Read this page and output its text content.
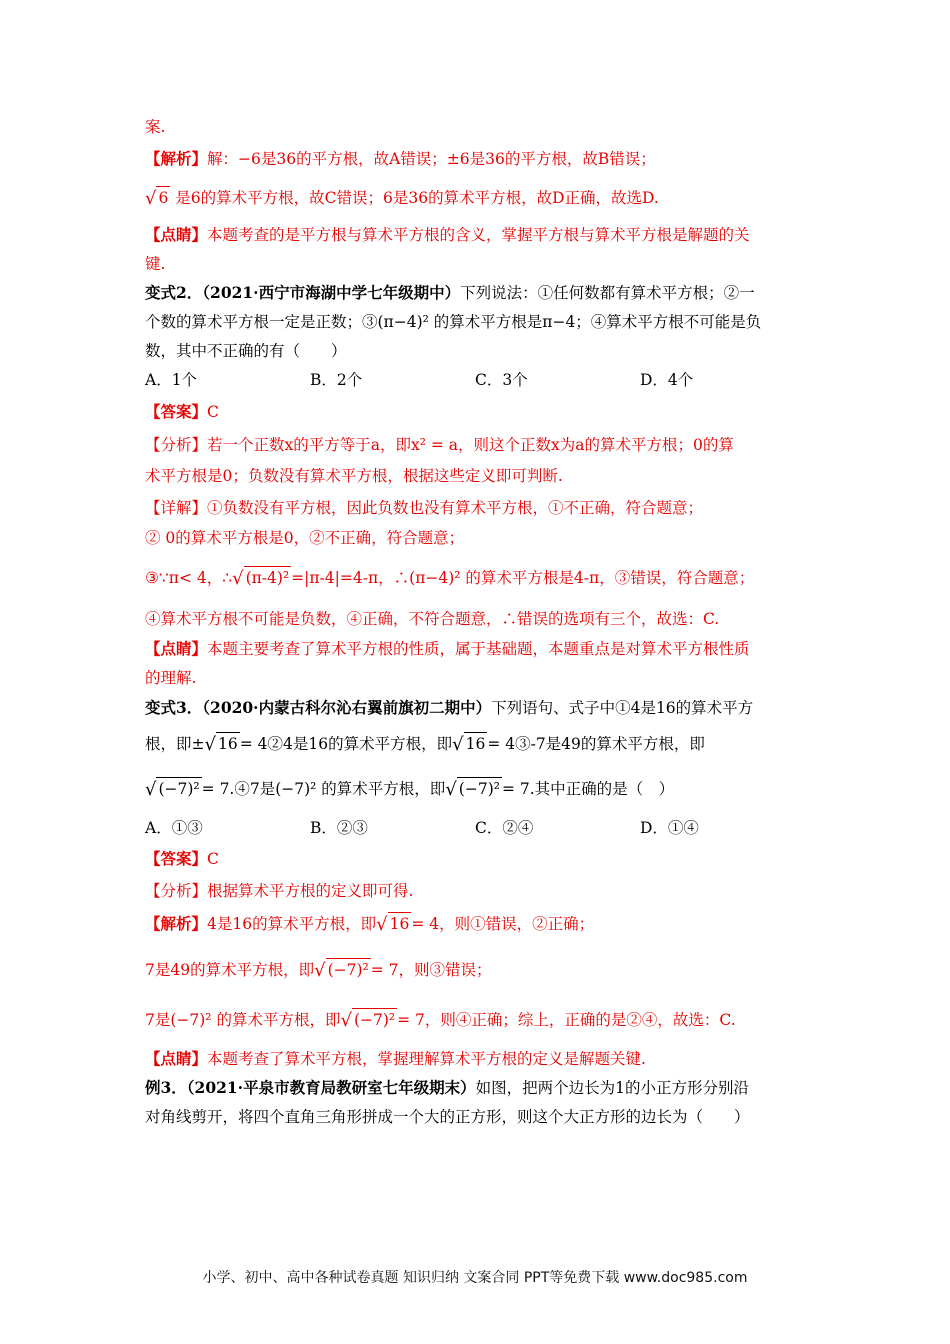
案.
【解析】解：−6是36的平方根，故A错误；±6是36的平方根，故B错误；
√ 6 是6的算术平方根，故C错误；6是36的算术平方根，故D正确，故选D.
【点睛】本题考查的是平方根与算术平方根的含义，掌握平方根与算术平方根是解题的关
键.
变式2．（2021·西宁市海湖中学七年级期中）下列说法：①任何数都有算术平方根；②一
个数的算术平方根一定是正数；③(π−4)² 的算术平方根是π−4；④算术平方根不可能是负
数，其中不正确的有（　　）
A．1个	B．2个	C．3个	D．4个
【答案】C
【分析】若一个正数x的平方等于a，即x² = a，则这个正数x为a的算术平方根；0的算
术平方根是0；负数没有算术平方根，根据这些定义即可判断.
【详解】①负数没有平方根，因此负数也没有算术平方根，①不正确，符合题意；
② 0的算术平方根是0，②不正确，符合题意；
③∵π< 4，∴√ (π-4)² =|π-4|=4-π，∴(π−4)² 的算术平方根是4-π，③错误，符合题意；
④算术平方根不可能是负数，④正确，不符合题意，∴错误的选项有三个，故选：C.
【点睛】本题主要考查了算术平方根的性质，属于基础题，本题重点是对算术平方根性质
的理解.
变式3．（2020·内蒙古科尔沁右翼前旗初二期中）下列语句、式子中①4是16的算术平方
根，即±√ 16 = 4②4是16的算术平方根，即√ 16 = 4③-7是49的算术平方根，即
√ (−7)² = 7.④7是(−7)² 的算术平方根，即√ (−7)² = 7.其中正确的是（　）
A．①③	B．②③	C．②④	D．①④
【答案】C
【分析】根据算术平方根的定义即可得.
【解析】4是16的算术平方根，即√ 16 = 4，则①错误，②正确；
7是49的算术平方根，即√ (−7)² = 7，则③错误；
7是(−7)² 的算术平方根，即√ (−7)² = 7，则④正确；综上，正确的是②④，故选：C.
【点睛】本题考查了算术平方根，掌握理解算术平方根的定义是解题关键.
例3．（2021·平泉市教育局教研室七年级期末）如图，把两个边长为1的小正方形分别沿
对角线剪开，将四个直角三角形拼成一个大的正方形，则这个大正方形的边长为（　　）
小学、初中、高中各种试卷真题 知识归纳 文案合同 PPT等免费下载 www.doc985.com
